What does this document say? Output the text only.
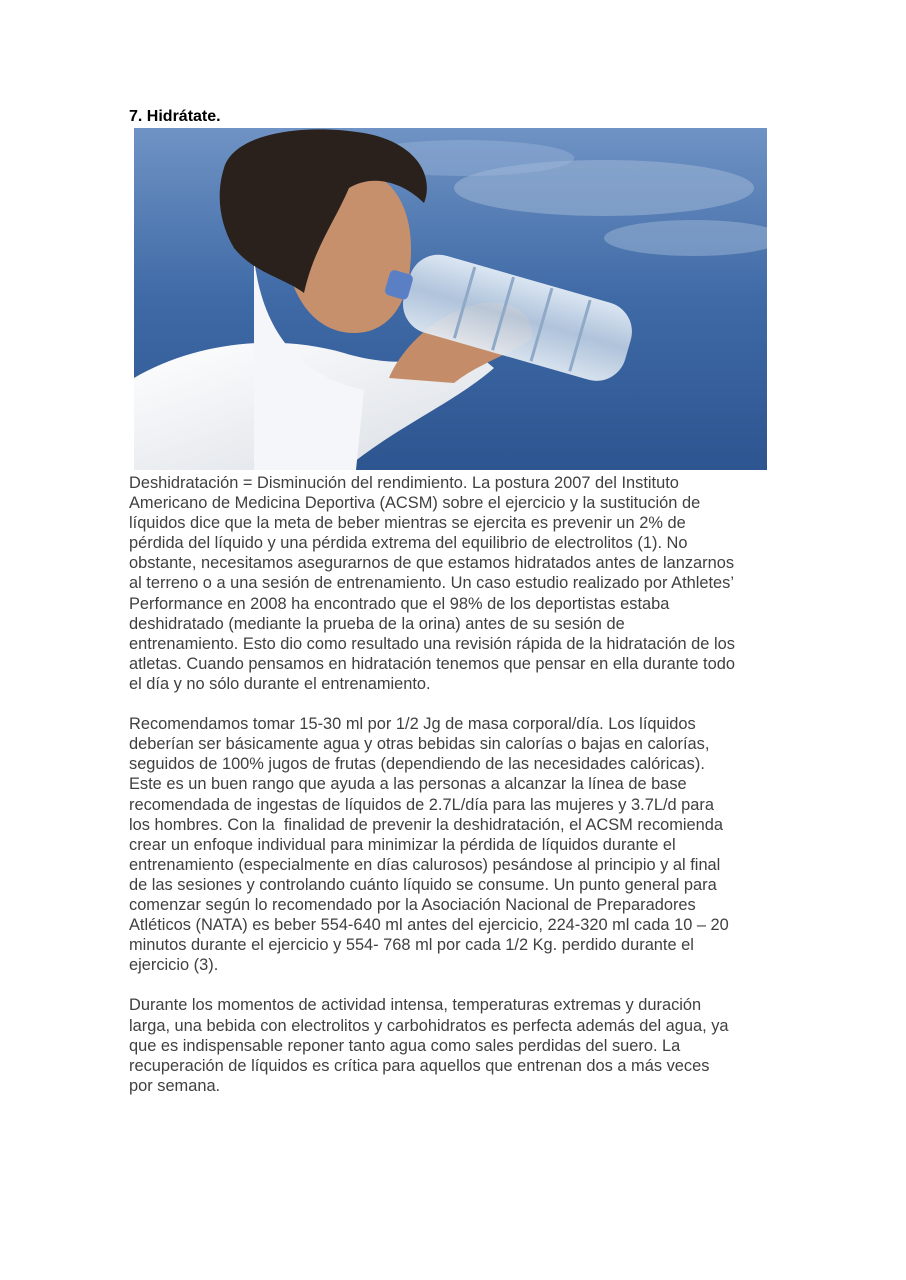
7. Hidrátate.

Deshidratación = Disminución del rendimiento. La postura 2007 del Instituto
Americano de Medicina Deportiva (ACSM) sobre el ejercicio y la sustitución de
líquidos dice que la meta de beber mientras se ejercita es prevenir un 2% de
pérdida del líquido y una pérdida extrema del equilibrio de electrolitos (1). No
obstante, necesitamos asegurarnos de que estamos hidratados antes de lanzarnos
al terreno o a una sesión de entrenamiento. Un caso estudio realizado por Athletes’
Performance en 2008 ha encontrado que el 98% de los deportistas estaba
deshidratado (mediante la prueba de la orina) antes de su sesión de
entrenamiento. Esto dio como resultado una revisión rápida de la hidratación de los
atletas. Cuando pensamos en hidratación tenemos que pensar en ella durante todo
el día y no sólo durante el entrenamiento.

Recomendamos tomar 15-30 ml por 1/2 Jg de masa corporal/día. Los líquidos
deberían ser básicamente agua y otras bebidas sin calorías o bajas en calorías,
seguidos de 100% jugos de frutas (dependiendo de las necesidades calóricas).
Este es un buen rango que ayuda a las personas a alcanzar la línea de base
recomendada de ingestas de líquidos de 2.7L/día para las mujeres y 3.7L/d para
los hombres. Con la  finalidad de prevenir la deshidratación, el ACSM recomienda
crear un enfoque individual para minimizar la pérdida de líquidos durante el
entrenamiento (especialmente en días calurosos) pesándose al principio y al final
de las sesiones y controlando cuánto líquido se consume. Un punto general para
comenzar según lo recomendado por la Asociación Nacional de Preparadores
Atléticos (NATA) es beber 554-640 ml antes del ejercicio, 224-320 ml cada 10 – 20
minutos durante el ejercicio y 554- 768 ml por cada 1/2 Kg. perdido durante el
ejercicio (3).

Durante los momentos de actividad intensa, temperaturas extremas y duración
larga, una bebida con electrolitos y carbohidratos es perfecta además del agua, ya
que es indispensable reponer tanto agua como sales perdidas del suero. La
recuperación de líquidos es crítica para aquellos que entrenan dos a más veces
por semana.
